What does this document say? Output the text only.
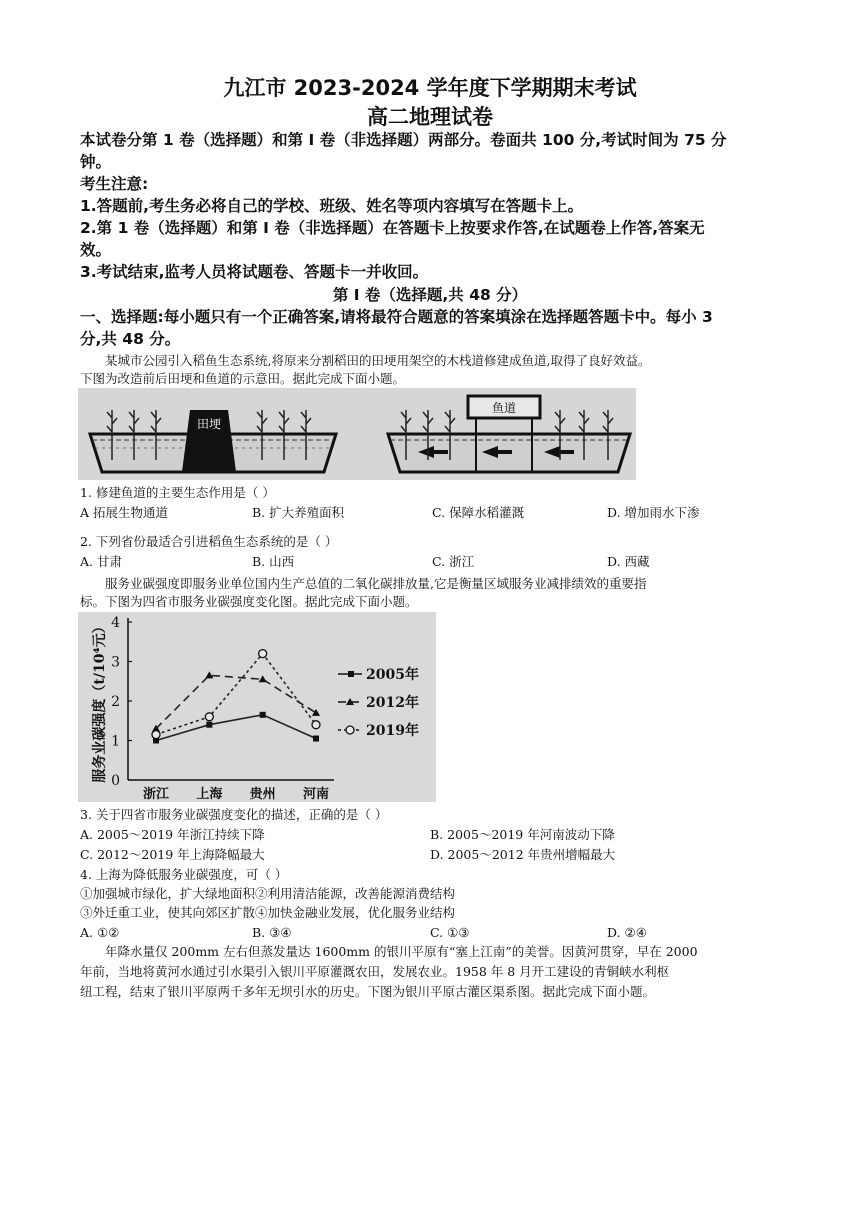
九江市 2023-2024 学年度下学期期末考试
高二地理试卷
本试卷分第 1 卷（选择题）和第 I 卷（非选择题）两部分。卷面共 100 分,考试时间为 75 分
钟。
考生注意:
1.答题前,考生务必将自己的学校、班级、姓名等项内容填写在答题卡上。
2.第 1 卷（选择题）和第 I 卷（非选择题）在答题卡上按要求作答,在试题卷上作答,答案无
效。
3.考试结束,监考人员将试题卷、答题卡一并收回。
第 I 卷（选择题,共 48 分）
一、选择题:每小题只有一个正确答案,请将最符合题意的答案填涂在选择题答题卡中。每小 3
分,共 48 分。
某城市公园引入稻鱼生态系统,将原来分割稻田的田埂用架空的木栈道修建成鱼道,取得了良好效益。
下图为改造前后田埂和鱼道的示意田。据此完成下面小题。
田埂
鱼道
1. 修建鱼道的主要生态作用是（ ）
A 拓展生物通道	B. 扩大养殖面积	C. 保障水稻灌溉	D. 增加雨水下渗
2. 下列省份最适合引进稻鱼生态系统的是（ ）
A. 甘肃	B. 山西	C. 浙江	D. 西藏
服务业碳强度即服务业单位国内生产总值的二氧化碳排放量,它是衡量区域服务业减排绩效的重要指
标。下图为四省市服务业碳强度变化图。据此完成下面小题。
0
1
2
3
4
服务业碳强度（t/10⁴元）
浙江 上海 贵州 河南
2005年
2012年
2019年
3. 关于四省市服务业碳强度变化的描述，正确的是（ ）
A. 2005～2019 年浙江持续下降	B. 2005～2019 年河南波动下降
C. 2012～2019 年上海降幅最大	D. 2005～2012 年贵州增幅最大
4. 上海为降低服务业碳强度，可（ ）
①加强城市绿化，扩大绿地面积②利用清洁能源，改善能源消费结构
③外迁重工业，使其向郊区扩散④加快金融业发展，优化服务业结构
A. ①②	B. ③④	C. ①③	D. ②④
年降水量仅 200mm 左右但蒸发量达 1600mm 的银川平原有“塞上江南”的美誉。因黄河贯穿，早在 2000
年前，当地将黄河水通过引水渠引入银川平原灌溉农田，发展农业。1958 年 8 月开工建设的青铜峡水利枢
纽工程，结束了银川平原两千多年无坝引水的历史。下图为银川平原古灌区渠系图。据此完成下面小题。
